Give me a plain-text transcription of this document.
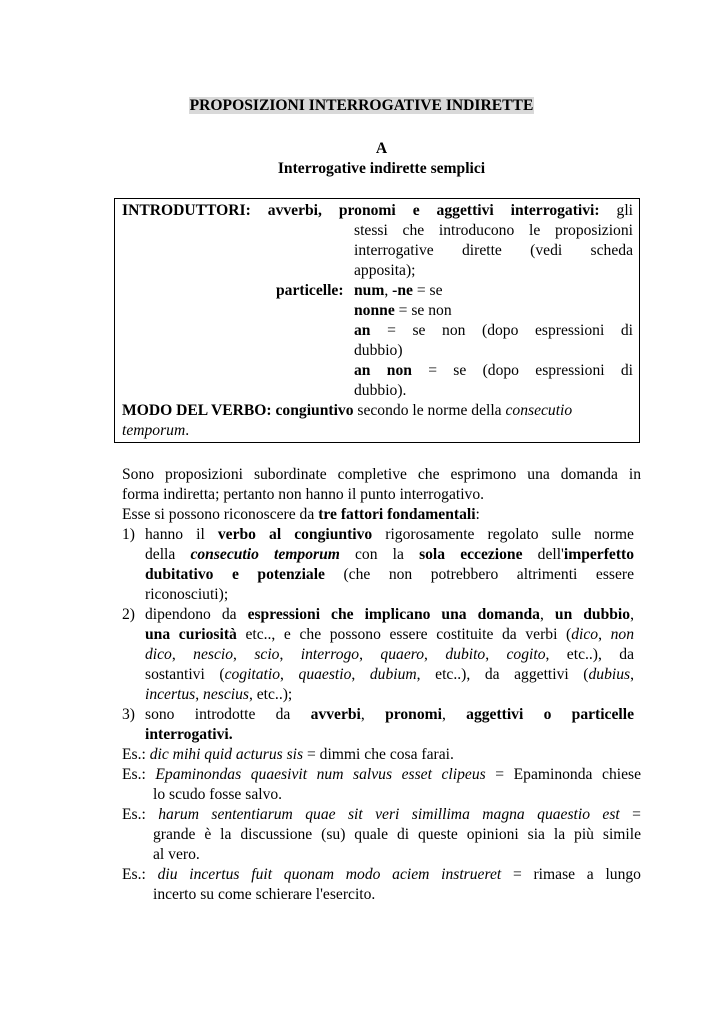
PROPOSIZIONI INTERROGATIVE INDIRETTE
A
Interrogative indirette semplici
INTRODUTTORI: avverbi, pronomi e aggettivi interrogativi: gli
stessi che introducono le proposizioni
interrogative dirette (vedi scheda
apposita);
particelle: num, -ne = se
nonne = se non
an = se non (dopo espressioni di
dubbio)
an non = se (dopo espressioni di
dubbio).
MODO DEL VERBO: congiuntivo secondo le norme della consecutio
temporum.
Sono proposizioni subordinate completive che esprimono una domanda in
forma indiretta; pertanto non hanno il punto interrogativo.
Esse si possono riconoscere da tre fattori fondamentali:
1) hanno il verbo al congiuntivo rigorosamente regolato sulle norme
della consecutio temporum con la sola eccezione dell'imperfetto
dubitativo e potenziale (che non potrebbero altrimenti essere
riconosciuti);
2) dipendono da espressioni che implicano una domanda, un dubbio,
una curiosità etc.., e che possono essere costituite da verbi (dico, non
dico, nescio, scio, interrogo, quaero, dubito, cogito, etc..), da
sostantivi (cogitatio, quaestio, dubium, etc..), da aggettivi (dubius,
incertus, nescius, etc..);
3) sono introdotte da avverbi, pronomi, aggettivi o particelle
interrogativi.
Es.: dic mihi quid acturus sis = dimmi che cosa farai.
Es.: Epaminondas quaesivit num salvus esset clipeus = Epaminonda chiese
lo scudo fosse salvo.
Es.: harum sententiarum quae sit veri simillima magna quaestio est =
grande è la discussione (su) quale di queste opinioni sia la più simile
al vero.
Es.: diu incertus fuit quonam modo aciem instrueret = rimase a lungo
incerto su come schierare l'esercito.
